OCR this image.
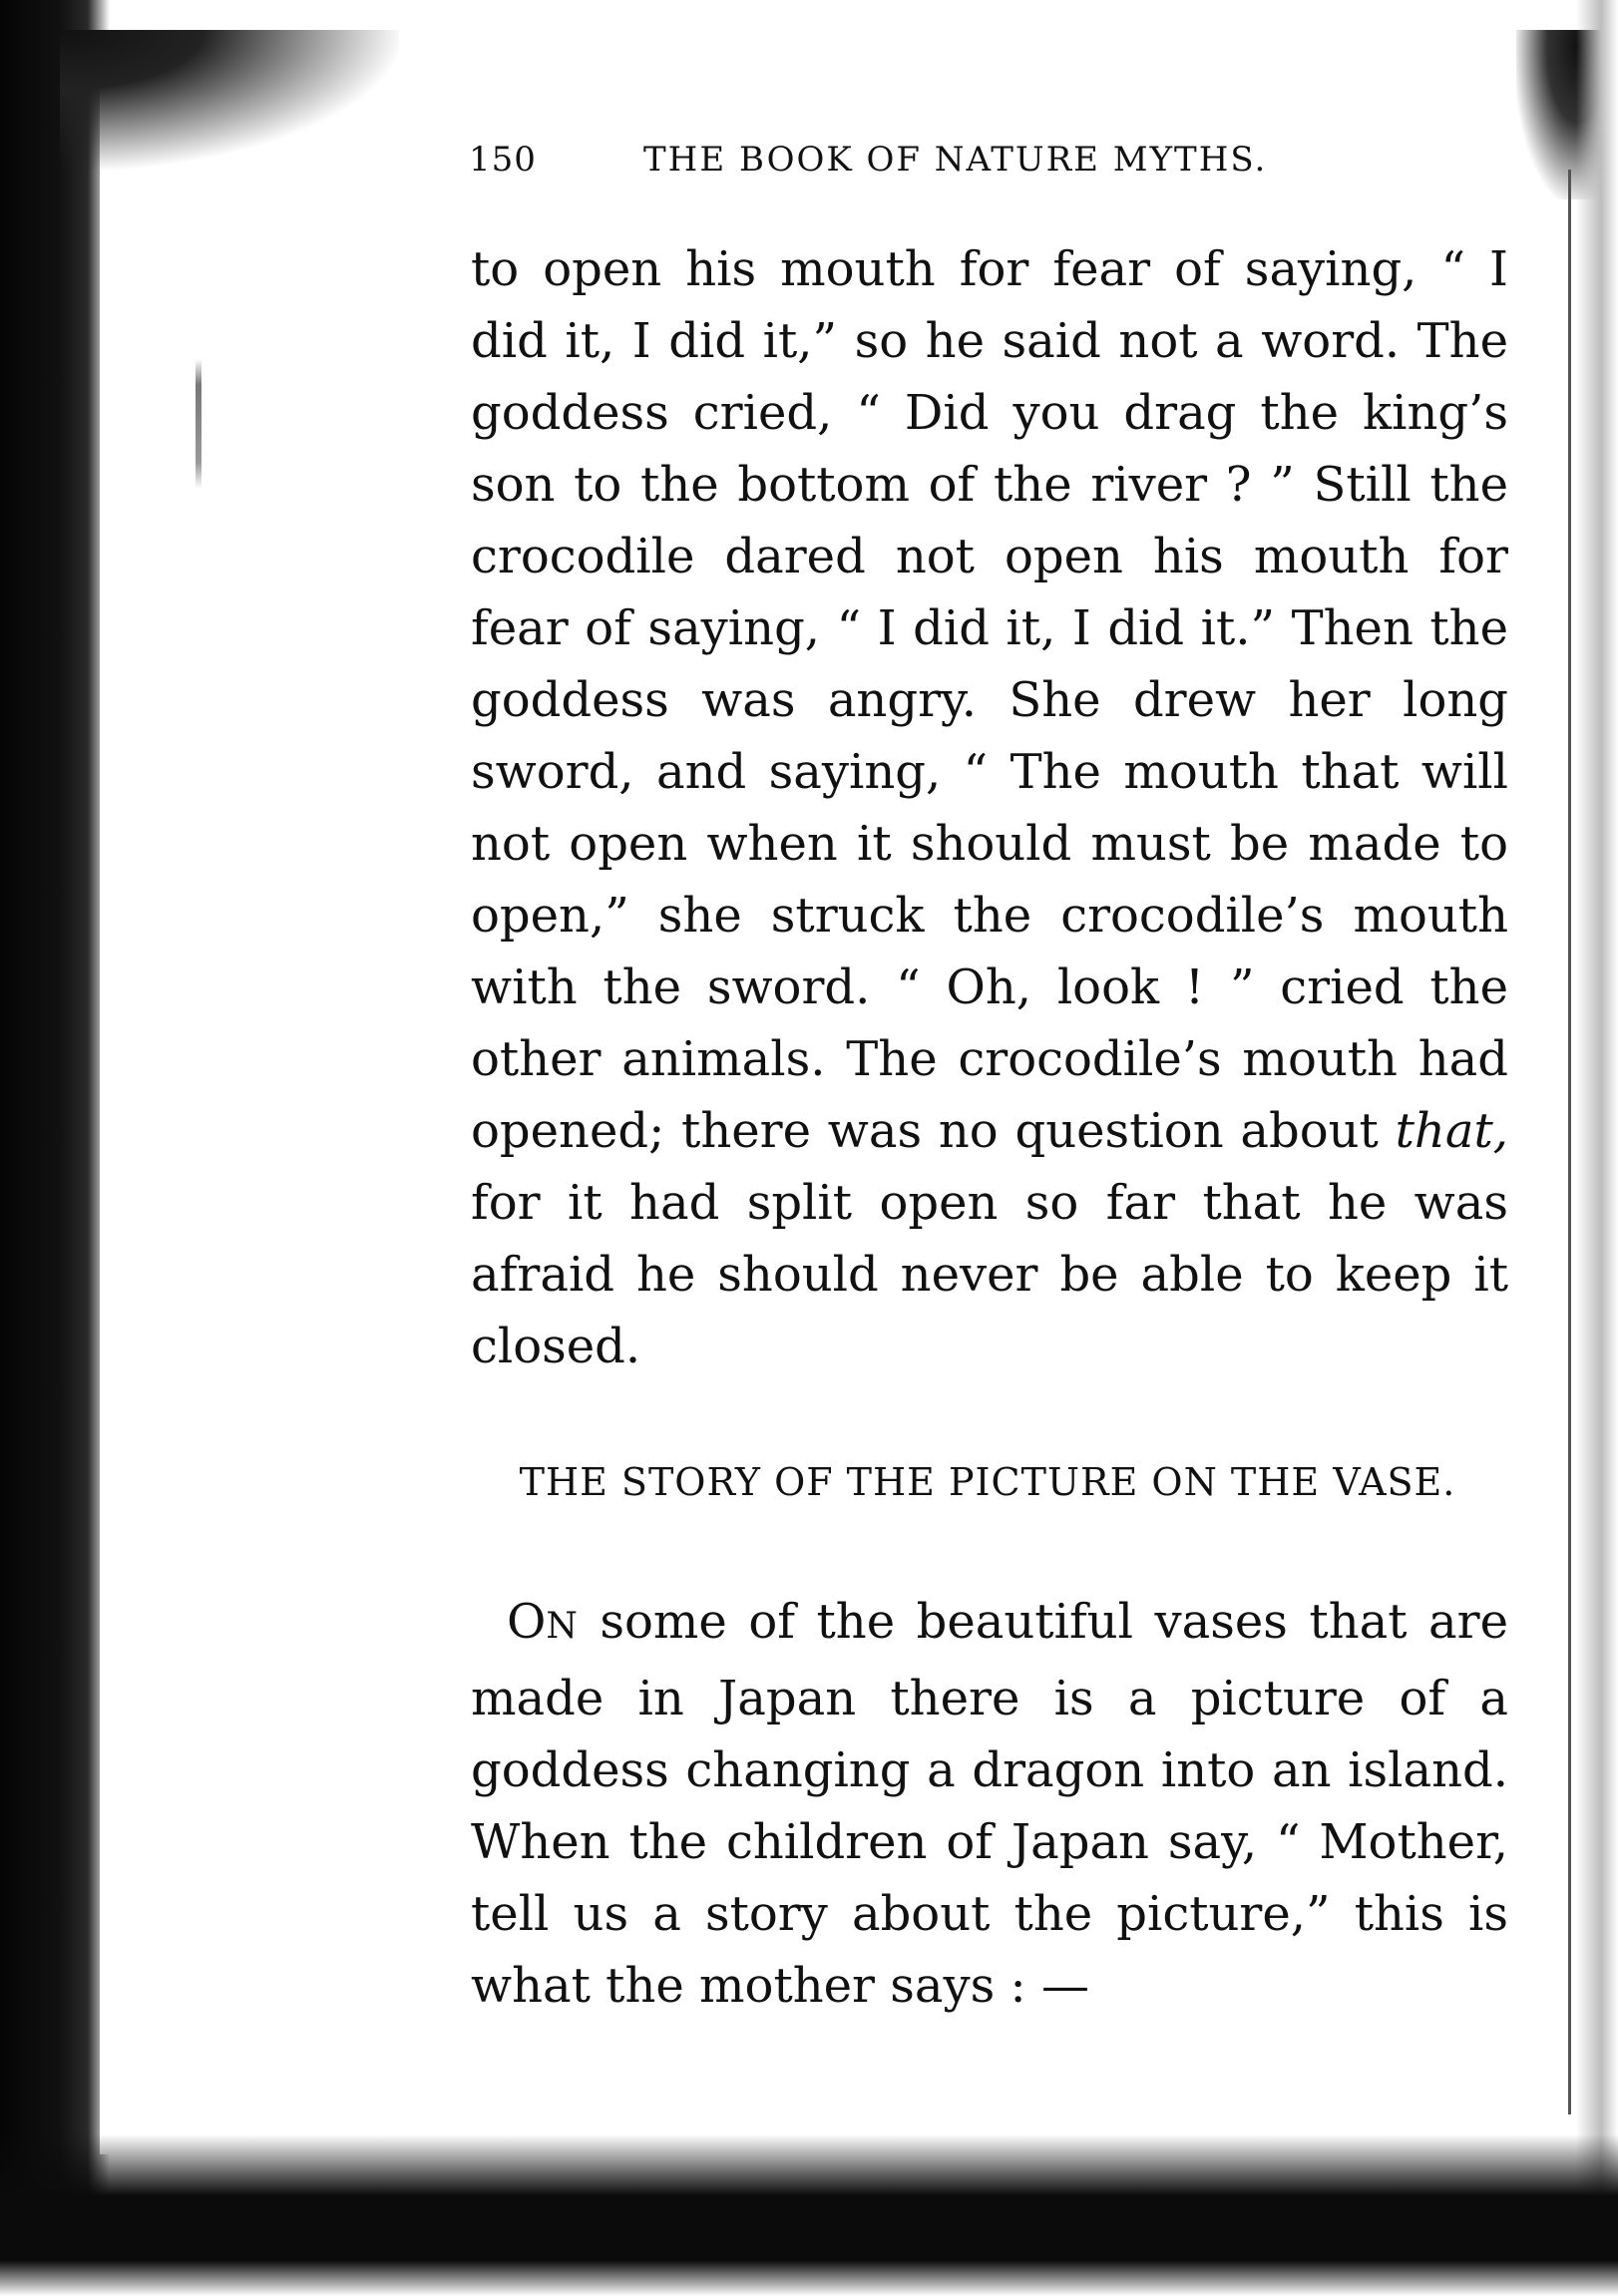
150	THE BOOK OF NATURE MYTHS.

to open his mouth for fear of saying, “ I did it, I did it,” so he said not a word. The goddess cried, “ Did you drag the king’s son to the bottom of the river ? ” Still the crocodile dared not open his mouth for fear of saying, “ I did it, I did it.” Then the goddess was angry. She drew her long sword, and saying, “ The mouth that will not open when it should must be made to open,” she struck the crocodile’s mouth with the sword. “ Oh, look ! ” cried the other animals. The crocodile’s mouth had opened; there was no question about that, for it had split open so far that he was afraid he should never be able to keep it closed.

THE STORY OF THE PICTURE ON THE VASE.

ON some of the beautiful vases that are made in Japan there is a picture of a goddess changing a dragon into an island. When the children of Japan say, “ Mother, tell us a story about the picture,” this is what the mother says : —
